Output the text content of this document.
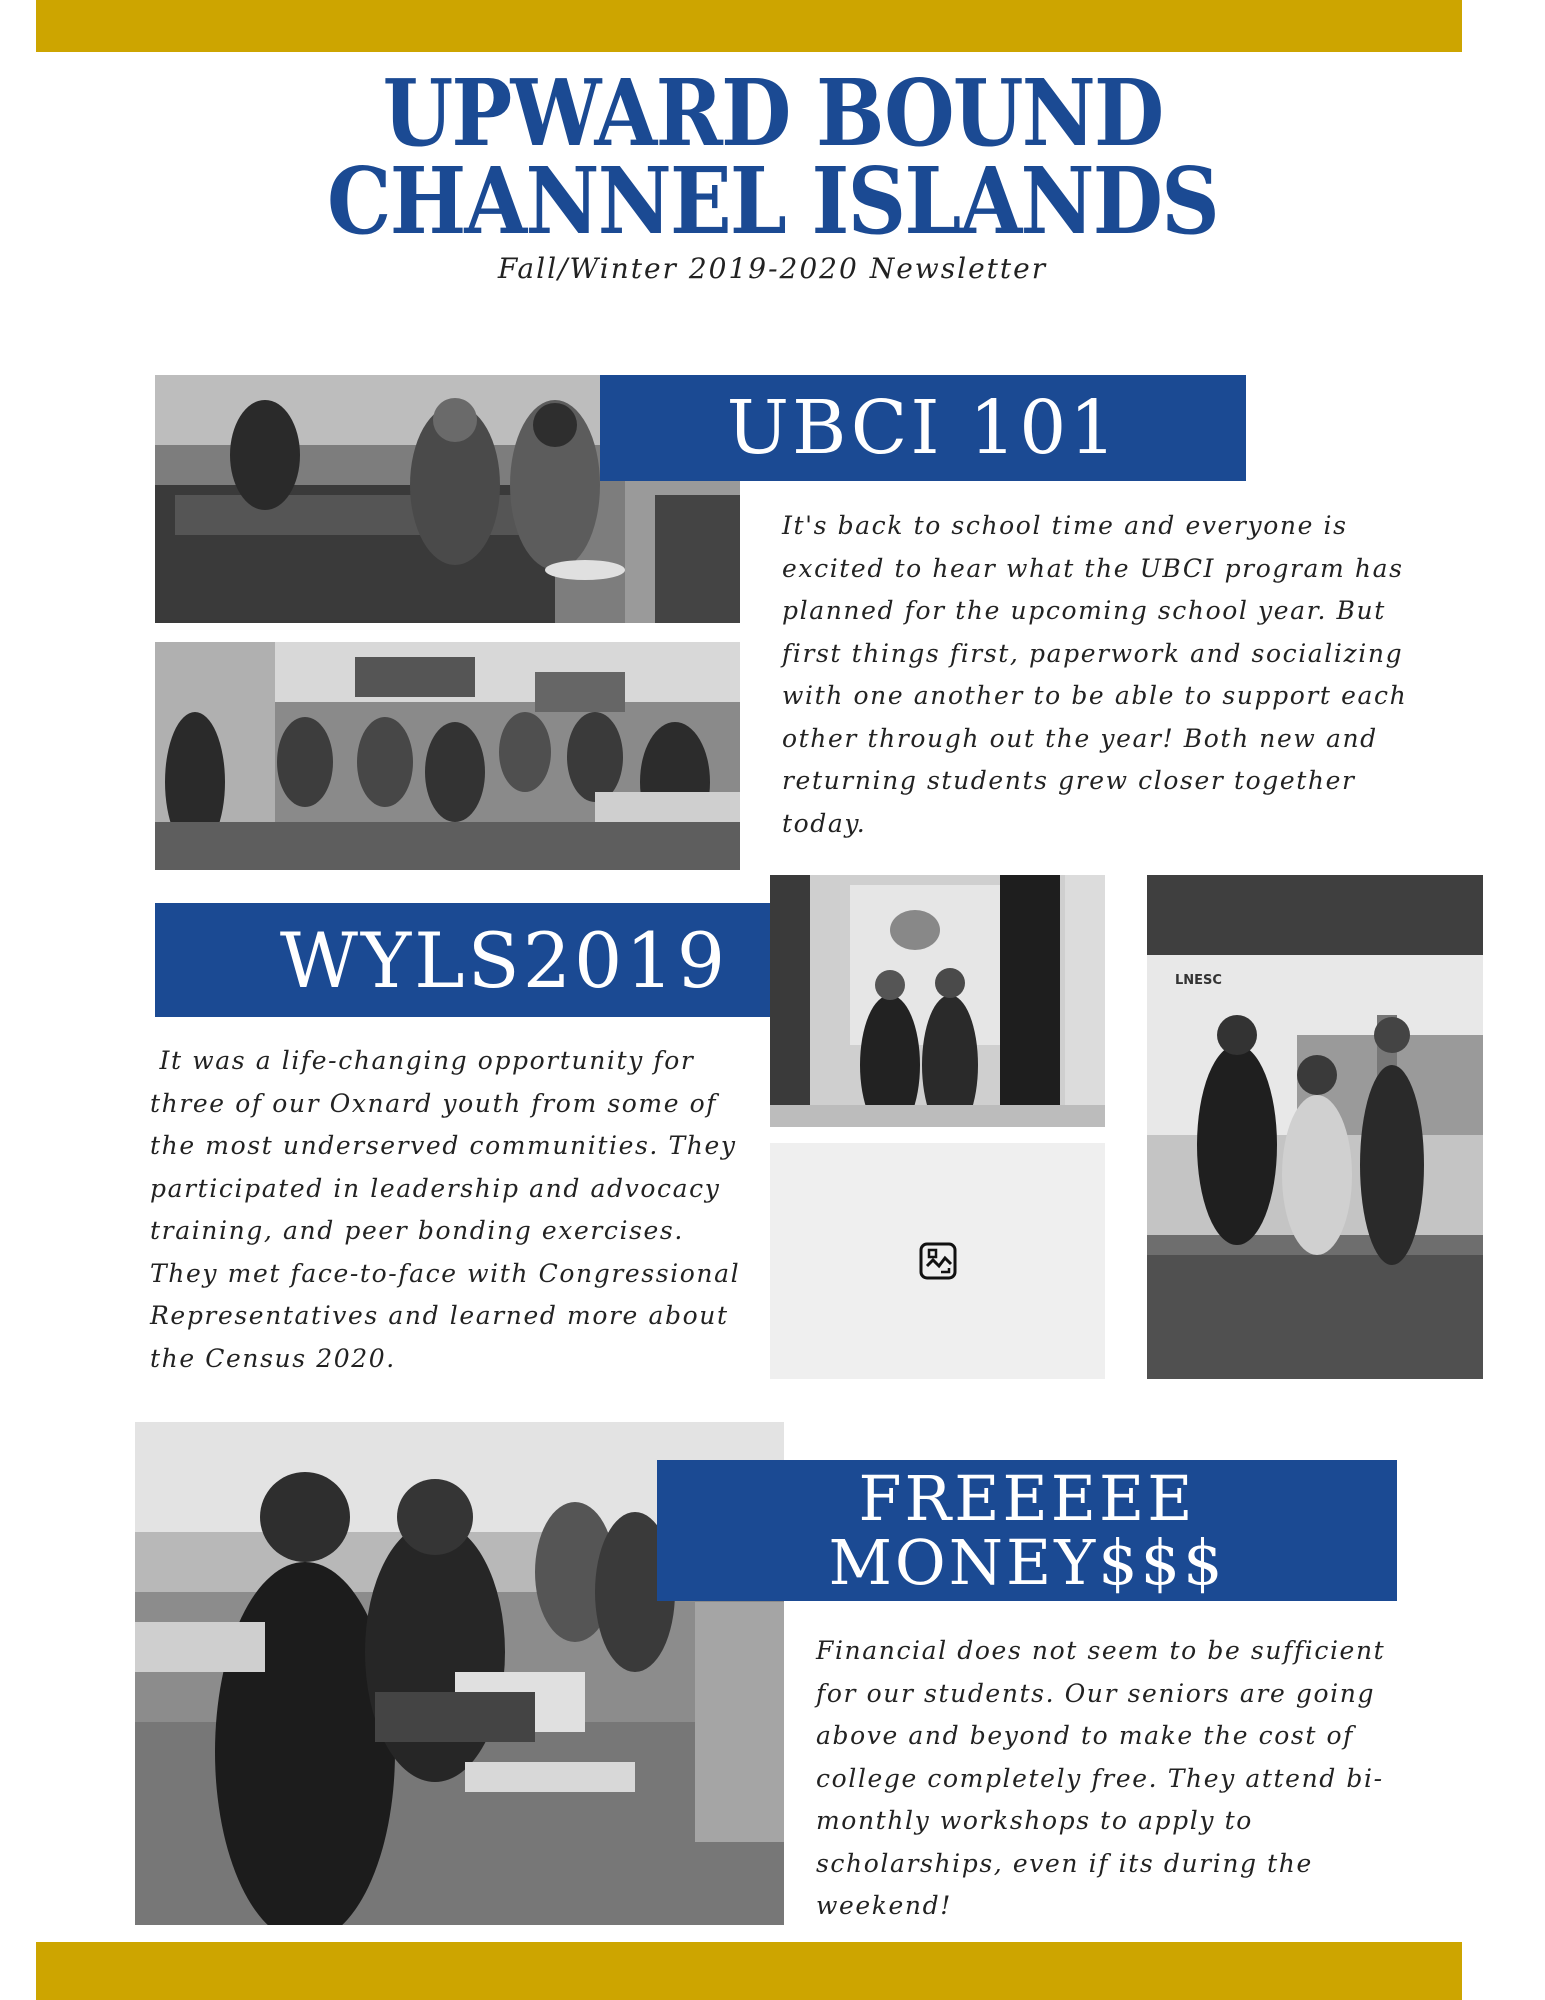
UPWARD BOUND
CHANNEL ISLANDS
Fall/Winter 2019-2020 Newsletter
UBCI 101

It's back to school time and everyone is excited to hear what the UBCI program has planned for the upcoming school year. But first things first, paperwork and socializing with one another to be able to support each other through out the year! Both new and returning students grew closer together today.

WYLS2019

It was a life-changing opportunity for three of our Oxnard youth from some of the most underserved communities. They participated in leadership and advocacy training, and peer bonding exercises. They met face-to-face with Congressional Representatives and learned more about the Census 2020.

LNESC
FREEEEE
MONEY$$$

Financial does not seem to be sufficient for our students. Our seniors are going above and beyond to make the cost of college completely free. They attend bi-monthly workshops to apply to scholarships, even if its during the weekend!
